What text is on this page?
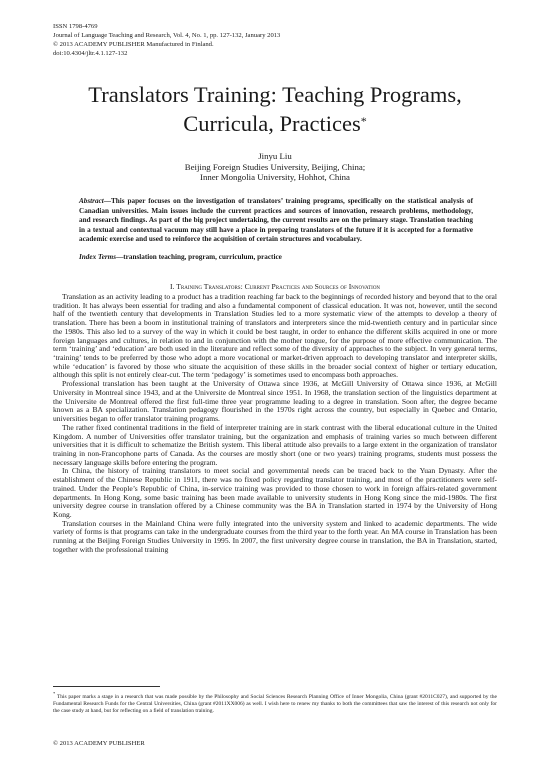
ISSN 1798-4769
Journal of Language Teaching and Research, Vol. 4, No. 1, pp. 127-132, January 2013
© 2013 ACADEMY PUBLISHER Manufactured in Finland.
doi:10.4304/jltr.4.1.127-132
Translators Training: Teaching Programs,
Curricula, Practices*
Jinyu Liu
Beijing Foreign Studies University, Beijing, China;
Inner Mongolia University, Hohhot, China
Abstract—This paper focuses on the investigation of translators’ training programs, specifically on the statistical analysis of Canadian universities. Main issues include the current practices and sources of innovation, research problems, methodology, and research findings. As part of the big project undertaking, the current results are on the primary stage. Translation teaching in a textual and contextual vacuum may still have a place in preparing translators of the future if it is accepted for a formative academic exercise and used to reinforce the acquisition of certain structures and vocabulary.
Index Terms—translation teaching, program, curriculum, practice
I. Training Translators: Current Practices and Sources of Innovation

Translation as an activity leading to a product has a tradition reaching far back to the beginnings of recorded history and beyond that to the oral tradition. It has always been essential for trading and also a fundamental component of classical education. It was not, however, until the second half of the twentieth century that developments in Translation Studies led to a more systematic view of the attempts to develop a theory of translation. There has been a boom in institutional training of translators and interpreters since the mid-twentieth century and in particular since the 1980s. This also led to a survey of the way in which it could be best taught, in order to enhance the different skills acquired in one or more foreign languages and cultures, in relation to and in conjunction with the mother tongue, for the purpose of more effective communication. The term ‘training’ and ‘education’ are both used in the literature and reflect some of the diversity of approaches to the subject. In very general terms, ‘training’ tends to be preferred by those who adopt a more vocational or market-driven approach to developing translator and interpreter skills, while ‘education’ is favored by those who situate the acquisition of these skills in the broader social context of higher or tertiary education, although this split is not entirely clear-cut. The term ‘pedagogy’ is sometimes used to encompass both approaches.

Professional translation has been taught at the University of Ottawa since 1936, at McGill University of Ottawa since 1936, at McGill University in Montreal since 1943, and at the Universite de Montreal since 1951. In 1968, the translation section of the linguistics department at the Universite de Montreal offered the first full-time three year programme leading to a degree in translation. Soon after, the degree became known as a BA specialization. Translation pedagogy flourished in the 1970s right across the country, but especially in Quebec and Ontario, universities began to offer translator training programs.

The rather fixed continental traditions in the field of interpreter training are in stark contrast with the liberal educational culture in the United Kingdom. A number of Universities offer translator training, but the organization and emphasis of training varies so much between different universities that it is difficult to schematize the British system. This liberal attitude also prevails to a large extent in the organization of translator training in non-Francophone parts of Canada. As the courses are mostly short (one or two years) training programs, students must possess the necessary language skills before entering the program.

In China, the history of training translators to meet social and governmental needs can be traced back to the Yuan Dynasty. After the establishment of the Chinese Republic in 1911, there was no fixed policy regarding translator training, and most of the practitioners were self-trained. Under the People’s Republic of China, in-service training was provided to those chosen to work in foreign affairs-related government departments. In Hong Kong, some basic training has been made available to university students in Hong Kong since the mid-1980s. The first university degree course in translation offered by a Chinese community was the BA in Translation started in 1974 by the University of Hong Kong.

Translation courses in the Mainland China were fully integrated into the university system and linked to academic departments. The wide variety of forms is that programs can take in the undergraduate courses from the third year to the forth year. An MA course in Translation has been running at the Beijing Foreign Studies University in 1995. In 2007, the first university degree course in translation, the BA in Translation, started, together with the professional training

* This paper marks a stage in a research that was made possible by the Philosophy and Social Sciences Research Planning Office of Inner Mongolia, China (grant #2011C027), and supported by the Fundamental Research Funds for the Central Universities, China (grant #2011XX006) as well. I wish here to renew my thanks to both the committees that saw the interest of this research not only for the case study at hand, but for reflecting on a field of translation training.
© 2013 ACADEMY PUBLISHER
